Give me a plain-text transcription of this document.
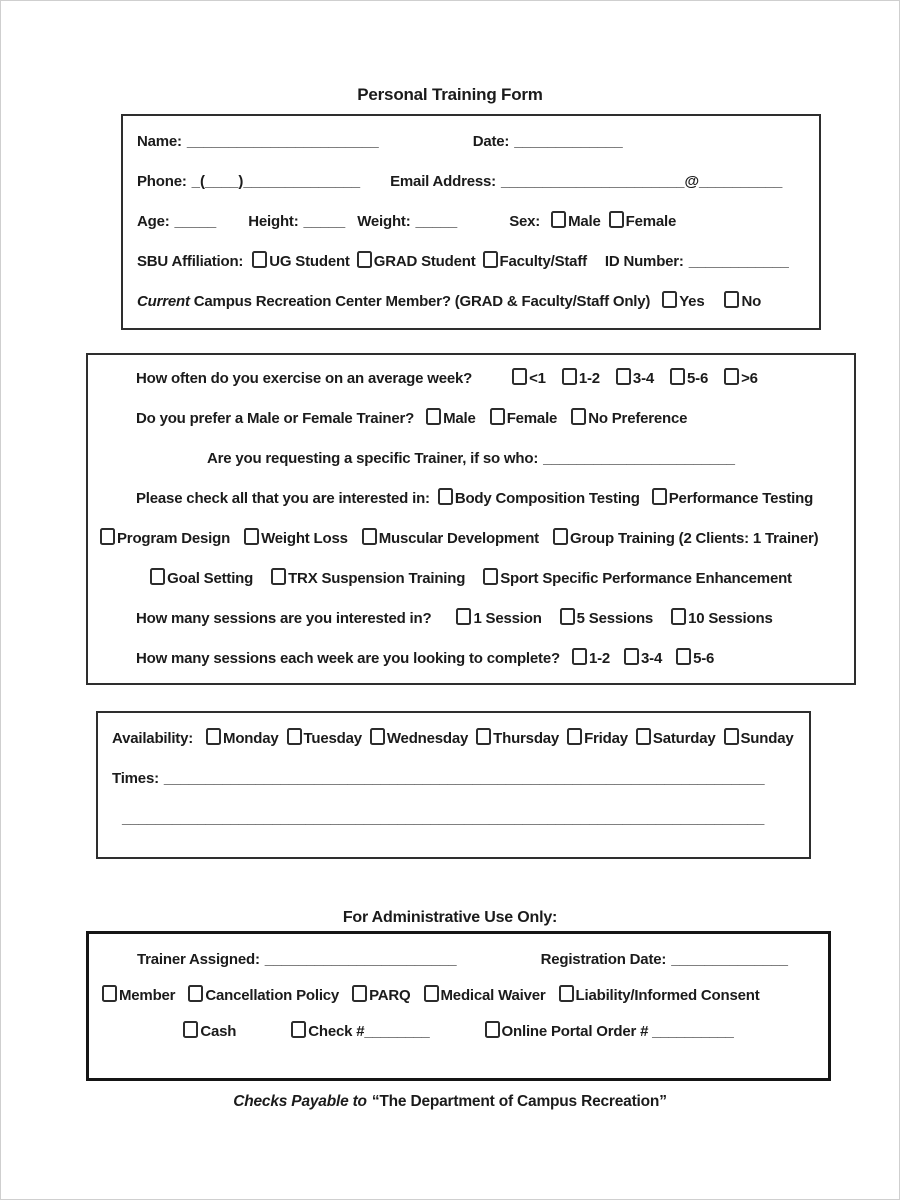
Personal Training Form
Name: _______________________	Date: _____________
Phone: _(____)______________ Email Address: ______________________@__________
Age: _____ Height: _____ Weight: _____	Sex: Male Female
SBU Affiliation: UG Student GRAD Student Faculty/Staff ID Number: ____________
Current Campus Recreation Center Member? (GRAD & Faculty/Staff Only) Yes No
How often do you exercise on an average week?	<1 1-2 3-4 5-6 >6
Do you prefer a Male or Female Trainer? Male Female No Preference
Are you requesting a specific Trainer, if so who: _______________________
Please check all that you are interested in: Body Composition Testing Performance Testing
Program Design Weight Loss Muscular Development Group Training (2 Clients: 1 Trainer)
Goal Setting TRX Suspension Training Sport Specific Performance Enhancement
How many sessions are you interested in?	1 Session 5 Sessions 10 Sessions
How many sessions each week are you looking to complete? 1-2 3-4 5-6
Availability: Monday Tuesday Wednesday Thursday Friday Saturday Sunday
Times: ________________________________________________________________________
_____________________________________________________________________________
For Administrative Use Only:
Trainer Assigned: _______________________	Registration Date: ______________
Member Cancellation Policy PARQ Medical Waiver Liability/Informed Consent
Cash	Check #________	Online Portal Order # __________
Checks Payable to “The Department of Campus Recreation”
